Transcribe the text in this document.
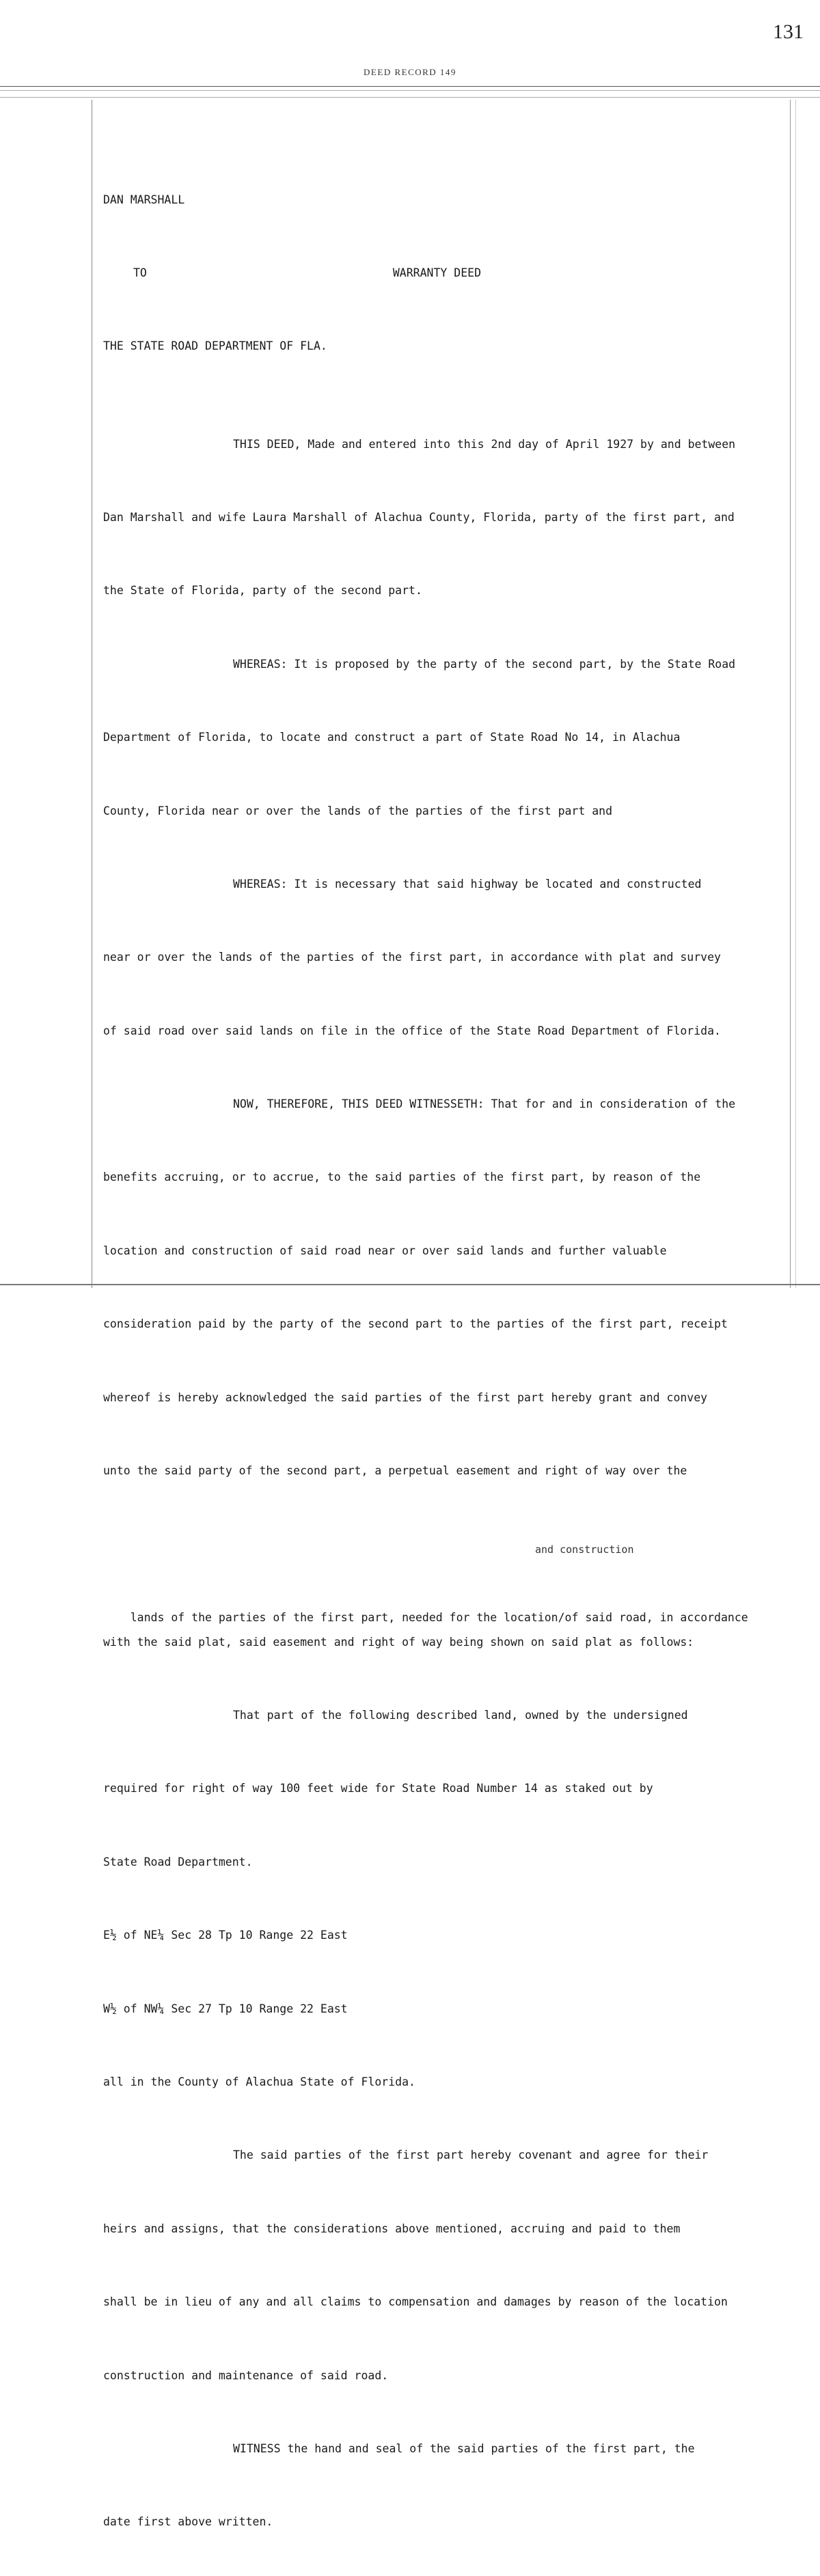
131
DEED RECORD 149

DAN MARSHALL

TO	WARRANTY DEED

THE STATE ROAD DEPARTMENT OF FLA.

THIS DEED, Made and entered into this 2nd day of April 1927 by and between

Dan Marshall and wife Laura Marshall of Alachua County, Florida, party of the first part, and

the State of Florida, party of the second part.

WHEREAS: It is proposed by the party of the second part, by the State Road

Department of Florida, to locate and construct a part of State Road No 14, in Alachua

County, Florida near or over the lands of the parties of the first part and

WHEREAS: It is necessary that said highway be located and constructed

near or over the lands of the parties of the first part, in accordance with plat and survey

of said road over said lands on file in the office of the State Road Department of Florida.

NOW, THEREFORE, THIS DEED WITNESSETH: That for and in consideration of the

benefits accruing, or to accrue, to the said parties of the first part, by reason of the

location and construction of said road near or over said lands and further valuable

consideration paid by the party of the second part to the parties of the first part, receipt

whereof is hereby acknowledged the said parties of the first part hereby grant and convey

unto the said party of the second part, a perpetual easement and right of way over the

and construction

lands of the parties of the first part, needed for the location/of said road, in accordance

with the said plat, said easement and right of way being shown on said plat as follows:

That part of the following described land, owned by the undersigned

required for right of way 100 feet wide for State Road Number 14 as staked out by

State Road Department.

E½ of NE¼ Sec 28 Tp 10 Range 22 East

W½ of NW¼ Sec 27 Tp 10 Range 22 East

all in the County of Alachua State of Florida.

The said parties of the first part hereby covenant and agree for their

heirs and assigns, that the considerations above mentioned, accruing and paid to them

shall be in lieu of any and all claims to compensation and damages by reason of the location

construction and maintenance of said road.

WITNESS the hand and seal of the said parties of the first part, the

date first above written.
